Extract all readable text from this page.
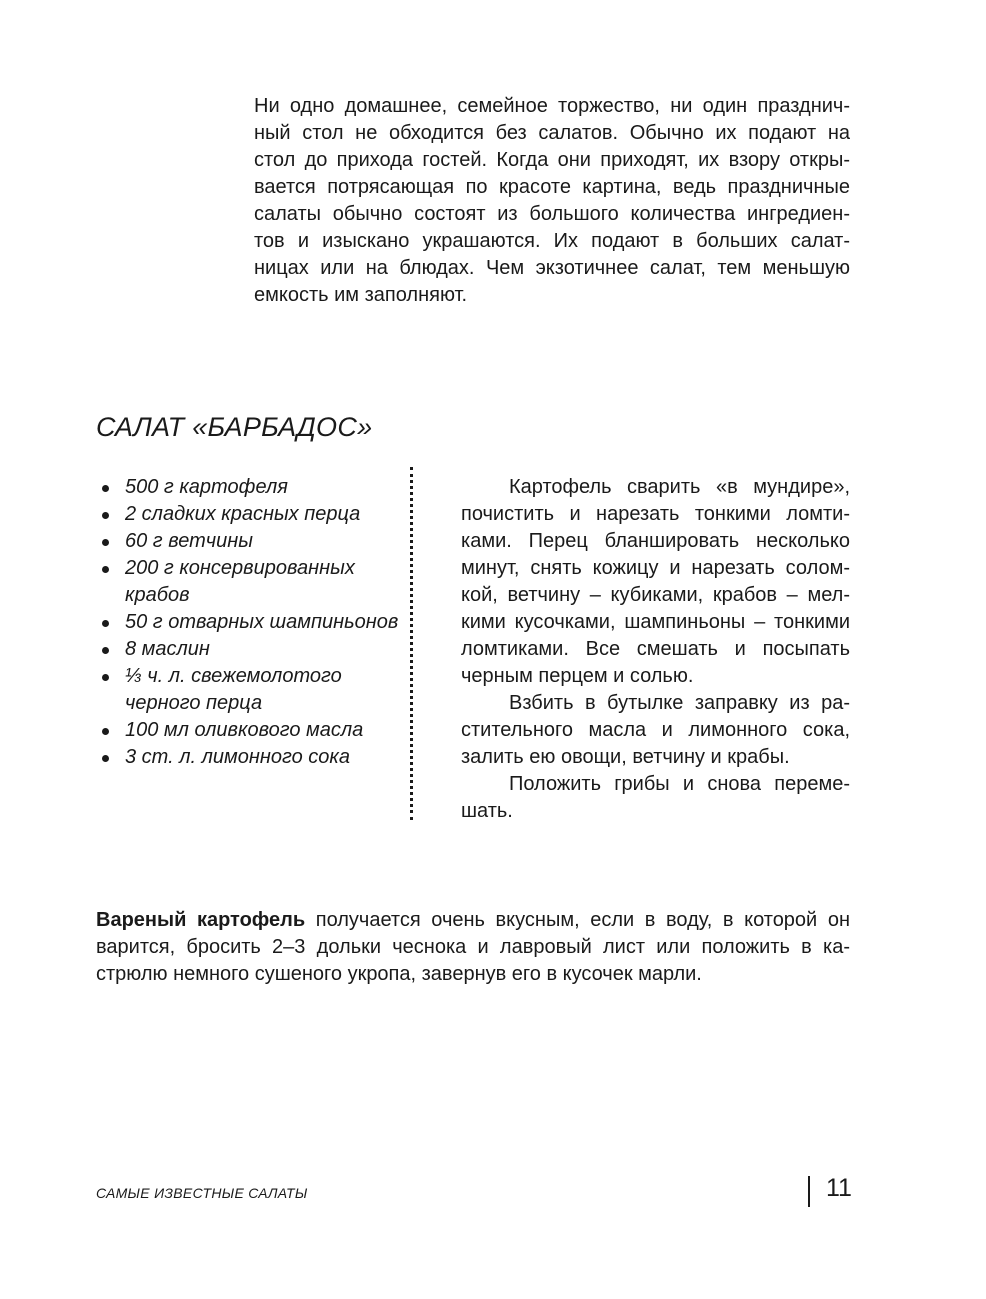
Ни одно домашнее, семейное торжество, ни один празднич-
ный стол не обходится без салатов. Обычно их подают на
стол до прихода гостей. Когда они приходят, их взору откры-
вается потрясающая по красоте картина, ведь праздничные
салаты обычно состоят из большого количества ингредиен-
тов и изыскано украшаются. Их подают в больших салат-
ницах или на блюдах. Чем экзотичнее салат, тем меньшую
емкость им заполняют.
САЛАТ «БАРБАДОС»
500 г картофеля
2 сладких красных перца
60 г ветчины
200 г консервированных крабов
50 г отварных шампиньонов
8 маслин
⅓ ч. л. свежемолотого черного перца
100 мл оливкового масла
3 ст. л. лимонного сока

Картофель сварить «в мундире»,
почистить и нарезать тонкими ломти-
ками. Перец бланшировать несколько
минут, снять кожицу и нарезать солом-
кой, ветчину – кубиками, крабов – мел-
кими кусочками, шампиньоны – тонкими
ломтиками. Все смешать и посыпать
черным перцем и солью.

Взбить в бутылке заправку из ра-
стительного масла и лимонного сока,
залить ею овощи, ветчину и крабы.

Положить грибы и снова переме-
шать.

Вареный картофель получается очень вкусным, если в воду, в которой он
варится, бросить 2–3 дольки чеснока и лавровый лист или положить в ка-
стрюлю немного сушеного укропа, завернув его в кусочек марли.
САМЫЕ ИЗВЕСТНЫЕ САЛАТЫ	11
